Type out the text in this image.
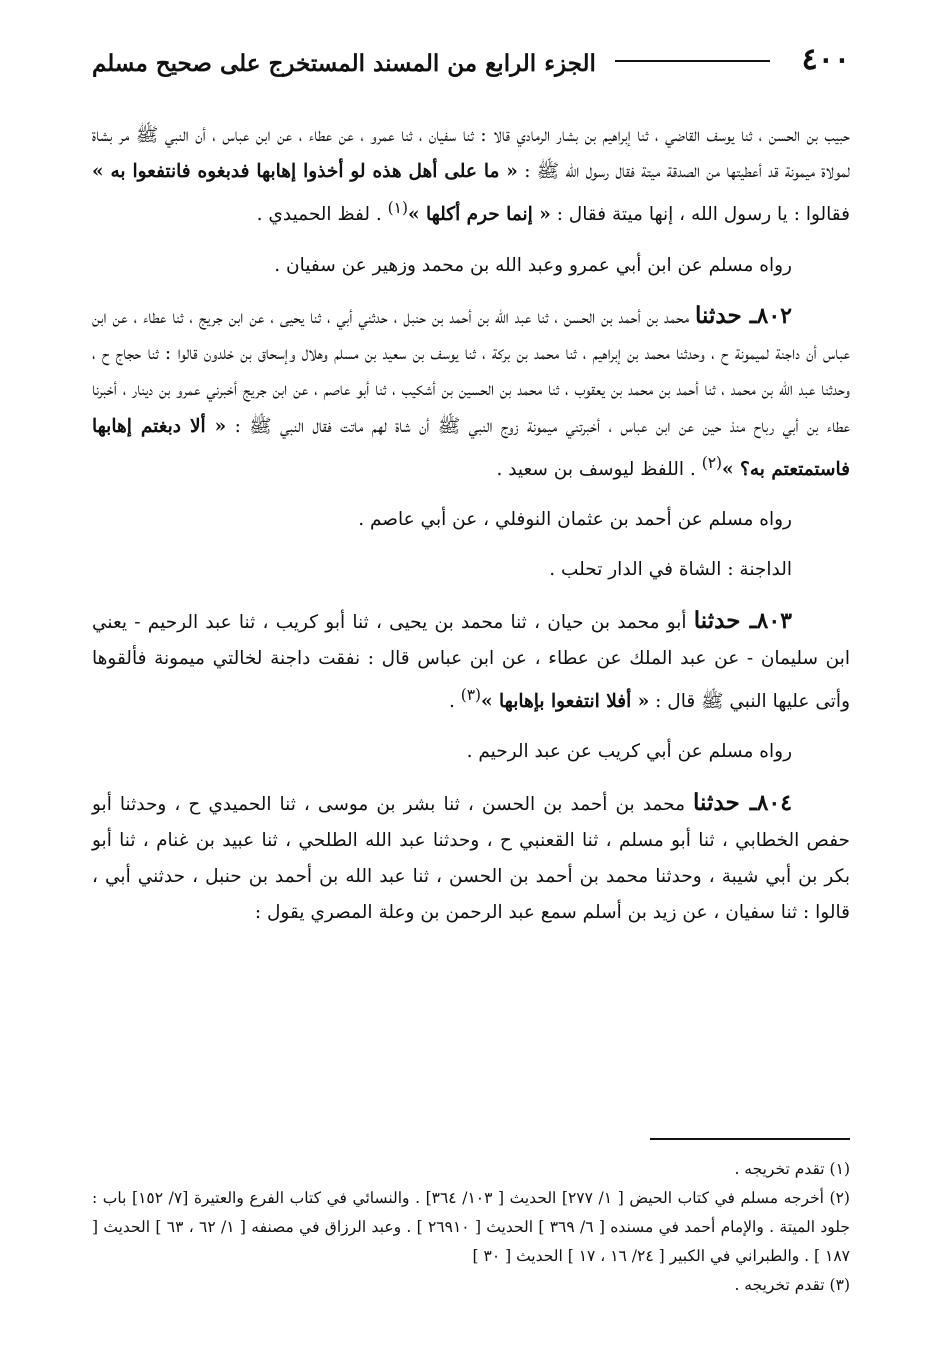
٤٠٠
الجزء الرابع من المسند المستخرج على صحيح مسلم

حبيب بن الحسن ، ثنا يوسف القاضي ، ثنا إبراهيم بن بشار الرمادي قالا : ثنا سفيان ، ثنا عمرو ، عن عطاء ، عن ابن عباس ، أن النبي ﷺ مر بشاة لمولاة ميمونة قد أعطيتها من الصدقة ميتة فقال رسول الله ﷺ : « ما على أهل هذه لو أخذوا إهابها فدبغوه فانتفعوا به » فقالوا : يا رسول الله ، إنها ميتة فقال : « إنما حرم أكلها »$^{(١)}$ . لفظ الحميدي .

رواه مسلم عن ابن أبي عمرو وعبد الله بن محمد وزهير عن سفيان .

٨٠٢ـ حدثنا محمد بن أحمد بن الحسن ، ثنا عبد الله بن أحمد بن حنبل ، حدثني أبي ، ثنا يحيى ، عن ابن جريج ، ثنا عطاء ، عن ابن عباس أن داجنة لميمونة ح ، وحدثنا محمد بن إبراهيم ، ثنا محمد بن بركة ، ثنا يوسف بن سعيد بن مسلم وهلال وإسحاق بن خلدون قالوا : ثنا حجاج ح ، وحدثنا عبد الله بن محمد ، ثنا أحمد بن محمد بن يعقوب ، ثنا محمد بن الحسين بن أشكيب ، ثنا أبو عاصم ، عن ابن جريج أخبرني عمرو بن دينار ، أخبرنا عطاء بن أبي رباح منذ حين عن ابن عباس ، أخبرتني ميمونة زوج النبي ﷺ أن شاة لهم ماتت فقال النبي ﷺ : « ألا دبغتم إهابها فاستمتعتم به؟ »$^{(٢)}$ . اللفظ ليوسف بن سعيد .

رواه مسلم عن أحمد بن عثمان النوفلي ، عن أبي عاصم .

الداجنة : الشاة في الدار تحلب .

٨٠٣ـ حدثنا أبو محمد بن حيان ، ثنا محمد بن يحيى ، ثنا أبو كريب ، ثنا عبد الرحيم - يعني ابن سليمان - عن عبد الملك عن عطاء ، عن ابن عباس قال : نفقت داجنة لخالتي ميمونة فألقوها وأتى عليها النبي ﷺ قال : « أفلا انتفعوا بإهابها »$^{(٣)}$ .

رواه مسلم عن أبي كريب عن عبد الرحيم .

٨٠٤ـ حدثنا محمد بن أحمد بن الحسن ، ثنا بشر بن موسى ، ثنا الحميدي ح ، وحدثنا أبو حفص الخطابي ، ثنا أبو مسلم ، ثنا القعنبي ح ، وحدثنا عبد الله الطلحي ، ثنا عبيد بن غنام ، ثنا أبو بكر بن أبي شيبة ، وحدثنا محمد بن أحمد بن الحسن ، ثنا عبد الله بن أحمد بن حنبل ، حدثني أبي ، قالوا : ثنا سفيان ، عن زيد بن أسلم سمع عبد الرحمن بن وعلة المصري يقول :

(١) تقدم تخريجه .

(٢) أخرجه مسلم في كتاب الحيض [ ١/ ٢٧٧] الحديث [ ١٠٣/ ٣٦٤] . والنسائي في كتاب الفرع والعتيرة [٧/ ١٥٢] باب : جلود الميتة . والإمام أحمد في مسنده [ ٦/ ٣٦٩ ] الحديث [ ٢٦٩١٠ ] . وعبد الرزاق في مصنفه [ ١/ ٦٢ ، ٦٣ ] الحديث [ ١٨٧ ] . والطبراني في الكبير [ ٢٤/ ١٦ ، ١٧ ] الحديث [ ٣٠ ]

(٣) تقدم تخريجه .
